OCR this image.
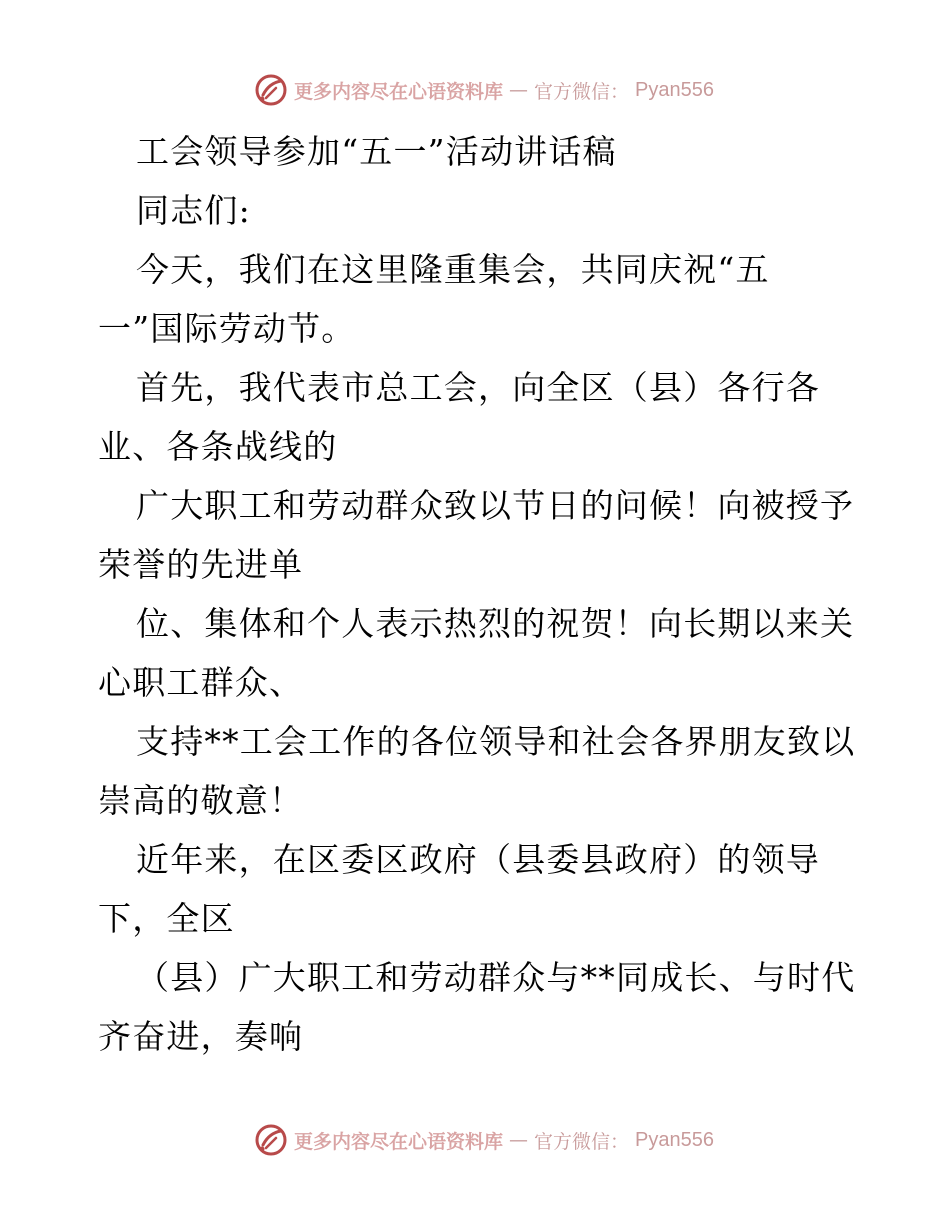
更多内容尽在心语资料库 — 官方微信： Pyan556

工会领导参加“五一”活动讲话稿

同志们:

今天，我们在这里隆重集会，共同庆祝“五
一”国际劳动节。

首先，我代表市总工会，向全区（县）各行各
业、各条战线的

广大职工和劳动群众致以节日的问候！向被授予
荣誉的先进单

位、集体和个人表示热烈的祝贺！向长期以来关
心职工群众、

支持**工会工作的各位领导和社会各界朋友致以
崇高的敬意！

近年来，在区委区政府（县委县政府）的领导
下，全区

（县）广大职工和劳动群众与**同成长、与时代
齐奋进，奏响

更多内容尽在心语资料库 — 官方微信： Pyan556
